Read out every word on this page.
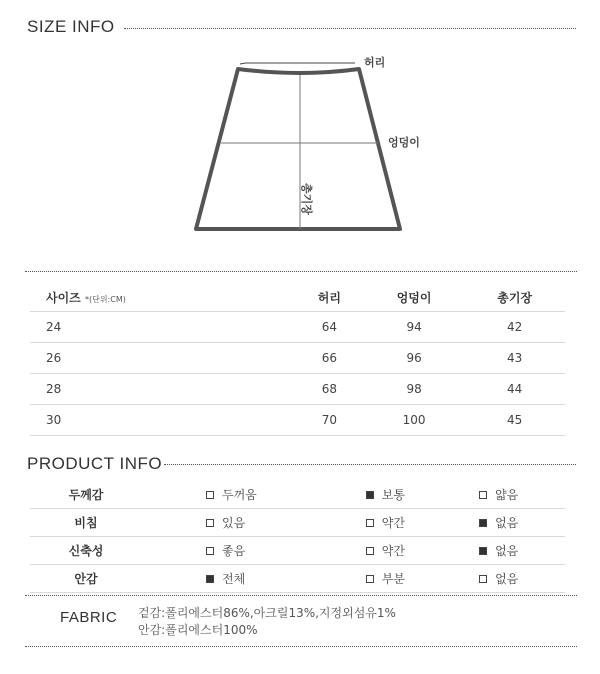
SIZE INFO
허리
엉덩이
총기장
사이즈 *(단위:CM)	허리	엉덩이	총기장
24	64	94	42
26	66	96	43
28	68	98	44
30	70	100	45
PRODUCT INFO
두께감	두꺼움	보통	얇음

비침	있음	약간	없음

신축성	좋음	약간	없음

안감	전체	부분	없음
FABRIC 겉감:폴리에스터86%,아크릴13%,지정외섬유1%
안감:폴리에스터100%
